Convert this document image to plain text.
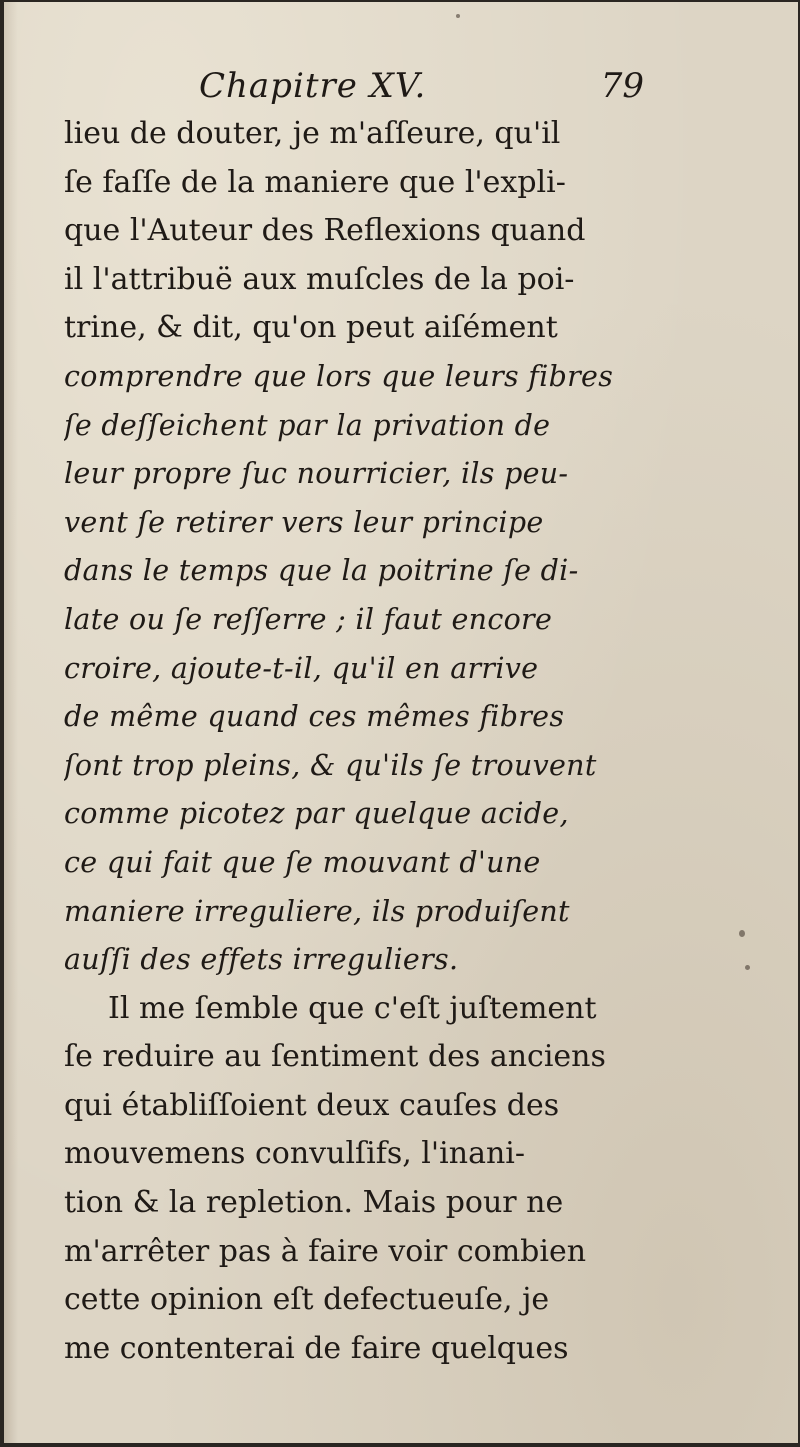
Chapitre XV.	79
lieu de douter, je m'aſſeure, qu'il
ſe faſſe de la maniere que l'expli-
que l'Auteur des Reflexions quand
il l'attribuë aux muſcles de la poi-
trine, & dit, qu'on peut aiſément
comprendre que lors que leurs fibres
ſe deſſeichent par la privation de
leur propre ſuc nourricier, ils peu-
vent ſe retirer vers leur principe
dans le temps que la poitrine ſe di-
late ou ſe reſſerre ; il faut encore
croire, ajoute-t-il, qu'il en arrive
de même quand ces mêmes fibres
ſont trop pleins, & qu'ils ſe trouvent
comme picotez par quelque acide,
ce qui fait que ſe mouvant d'une
maniere irreguliere, ils produiſent
auſſi des effets irreguliers.
Il me ſemble que c'eſt juſtement
ſe reduire au ſentiment des anciens
qui établiſſoient deux cauſes des
mouvemens convulſifs, l'inani-
tion & la repletion. Mais pour ne
m'arrêter pas à faire voir combien
cette opinion eſt defectueuſe, je
me contenterai de faire quelques
